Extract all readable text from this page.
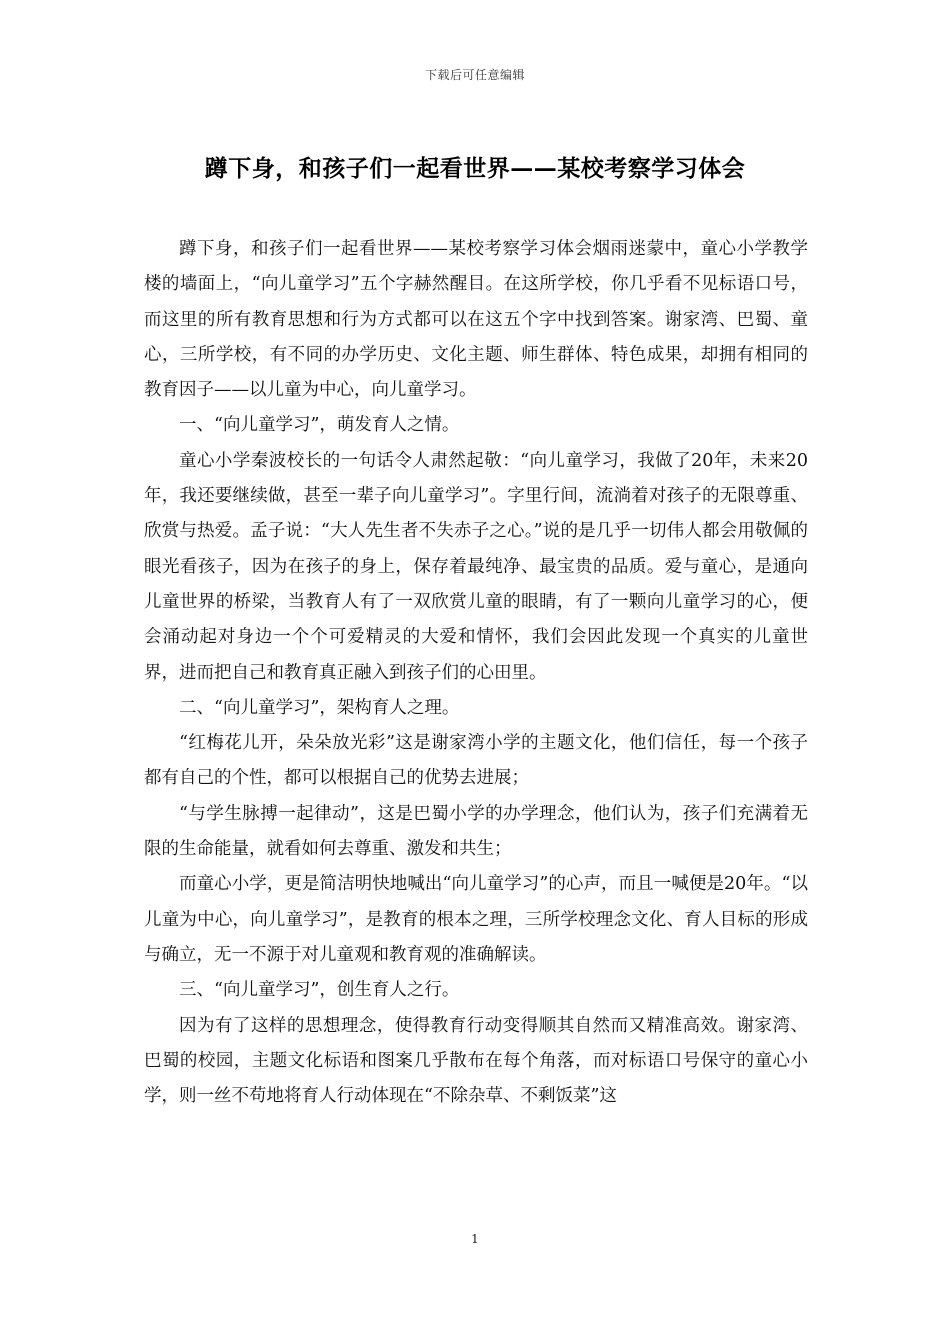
下载后可任意编辑
蹲下身，和孩子们一起看世界——某校考察学习体会

蹲下身，和孩子们一起看世界——某校考察学习体会烟雨迷蒙中，童心小学教学楼的墙面上，“向儿童学习”五个字赫然醒目。在这所学校，你几乎看不见标语口号，而这里的所有教育思想和行为方式都可以在这五个字中找到答案。谢家湾、巴蜀、童心，三所学校，有不同的办学历史、文化主题、师生群体、特色成果，却拥有相同的教育因子——以儿童为中心，向儿童学习。

一、“向儿童学习”，萌发育人之情。

童心小学秦波校长的一句话令人肃然起敬：“向儿童学习，我做了20年，未来20年，我还要继续做，甚至一辈子向儿童学习”。字里行间，流淌着对孩子的无限尊重、欣赏与热爱。孟子说：“大人先生者不失赤子之心。”说的是几乎一切伟人都会用敬佩的眼光看孩子，因为在孩子的身上，保存着最纯净、最宝贵的品质。爱与童心，是通向儿童世界的桥梁，当教育人有了一双欣赏儿童的眼睛，有了一颗向儿童学习的心，便会涌动起对身边一个个可爱精灵的大爱和情怀，我们会因此发现一个真实的儿童世界，进而把自己和教育真正融入到孩子们的心田里。

二、“向儿童学习”，架构育人之理。

“红梅花儿开，朵朵放光彩”这是谢家湾小学的主题文化，他们信任，每一个孩子都有自己的个性，都可以根据自己的优势去进展；

“与学生脉搏一起律动”，这是巴蜀小学的办学理念，他们认为，孩子们充满着无限的生命能量，就看如何去尊重、激发和共生；

而童心小学，更是简洁明快地喊出“向儿童学习”的心声，而且一喊便是20年。“以儿童为中心，向儿童学习”，是教育的根本之理，三所学校理念文化、育人目标的形成与确立，无一不源于对儿童观和教育观的准确解读。

三、“向儿童学习”，创生育人之行。

因为有了这样的思想理念，使得教育行动变得顺其自然而又精准高效。谢家湾、巴蜀的校园，主题文化标语和图案几乎散布在每个角落，而对标语口号保守的童心小学，则一丝不苟地将育人行动体现在“不除杂草、不剩饭菜”这

1
